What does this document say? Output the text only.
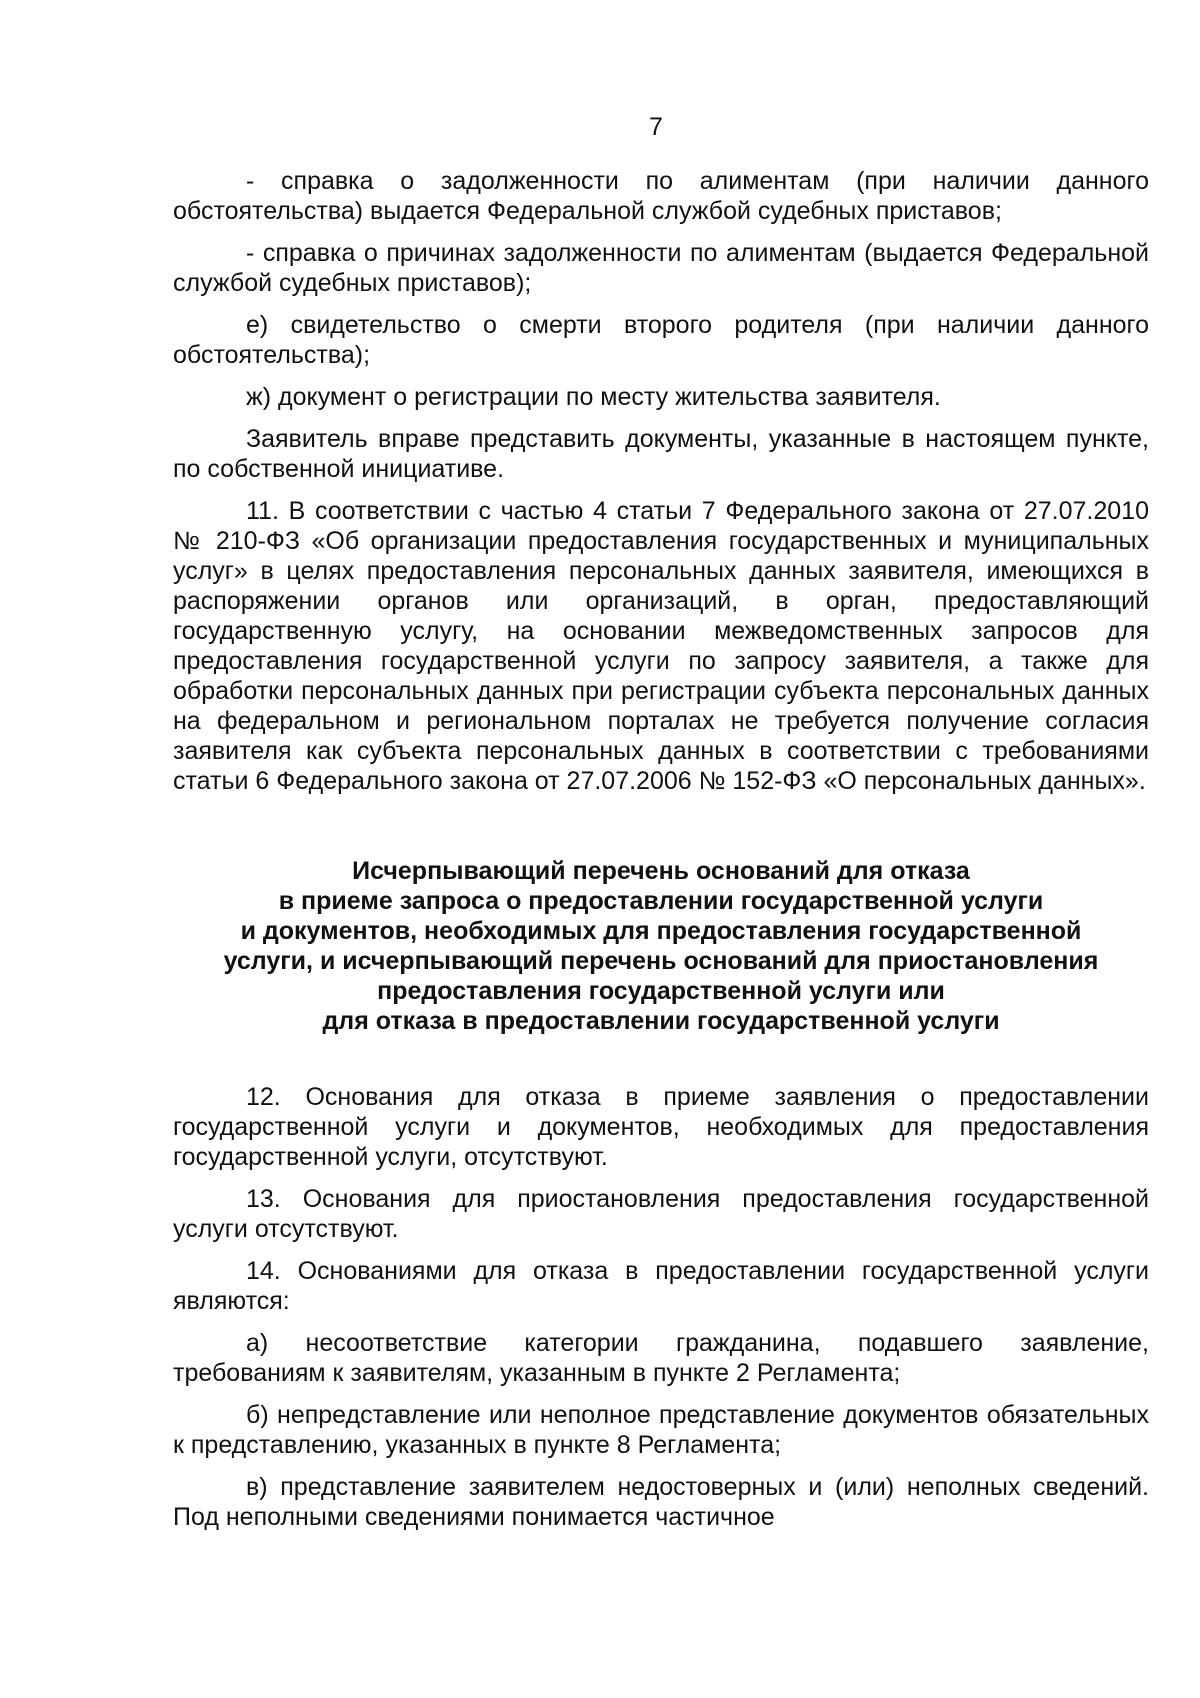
7

- справка о задолженности по алиментам (при наличии данного обстоятельства) выдается Федеральной службой судебных приставов;

- справка о причинах задолженности по алиментам (выдается Федеральной службой судебных приставов);

е) свидетельство о смерти второго родителя (при наличии данного обстоятельства);

ж) документ о регистрации по месту жительства заявителя.

Заявитель вправе представить документы, указанные в настоящем пункте, по собственной инициативе.

11. В соответствии с частью 4 статьи 7 Федерального закона от 27.07.2010 № 210-ФЗ «Об организации предоставления государственных и муниципальных услуг» в целях предоставления персональных данных заявителя, имеющихся в распоряжении органов или организаций, в орган, предоставляющий государственную услугу, на основании межведомственных запросов для предоставления государственной услуги по запросу заявителя, а также для обработки персональных данных при регистрации субъекта персональных данных на федеральном и региональном порталах не требуется получение согласия заявителя как субъекта персональных данных в соответствии с требованиями статьи 6 Федерального закона от 27.07.2006 № 152-ФЗ «О персональных данных».

Исчерпывающий перечень оснований для отказа
в приеме запроса о предоставлении государственной услуги
и документов, необходимых для предоставления государственной
услуги, и исчерпывающий перечень оснований для приостановления
предоставления государственной услуги или
для отказа в предоставлении государственной услуги

12. Основания для отказа в приеме заявления о предоставлении государственной услуги и документов, необходимых для предоставления государственной услуги, отсутствуют.

13. Основания для приостановления предоставления государственной услуги отсутствуют.

14. Основаниями для отказа в предоставлении государственной услуги являются:

а) несоответствие категории гражданина, подавшего заявление, требованиям к заявителям, указанным в пункте 2 Регламента;

б) непредставление или неполное представление документов обязательных к представлению, указанных в пункте 8 Регламента;

в) представление заявителем недостоверных и (или) неполных сведений. Под неполными сведениями понимается частичное
